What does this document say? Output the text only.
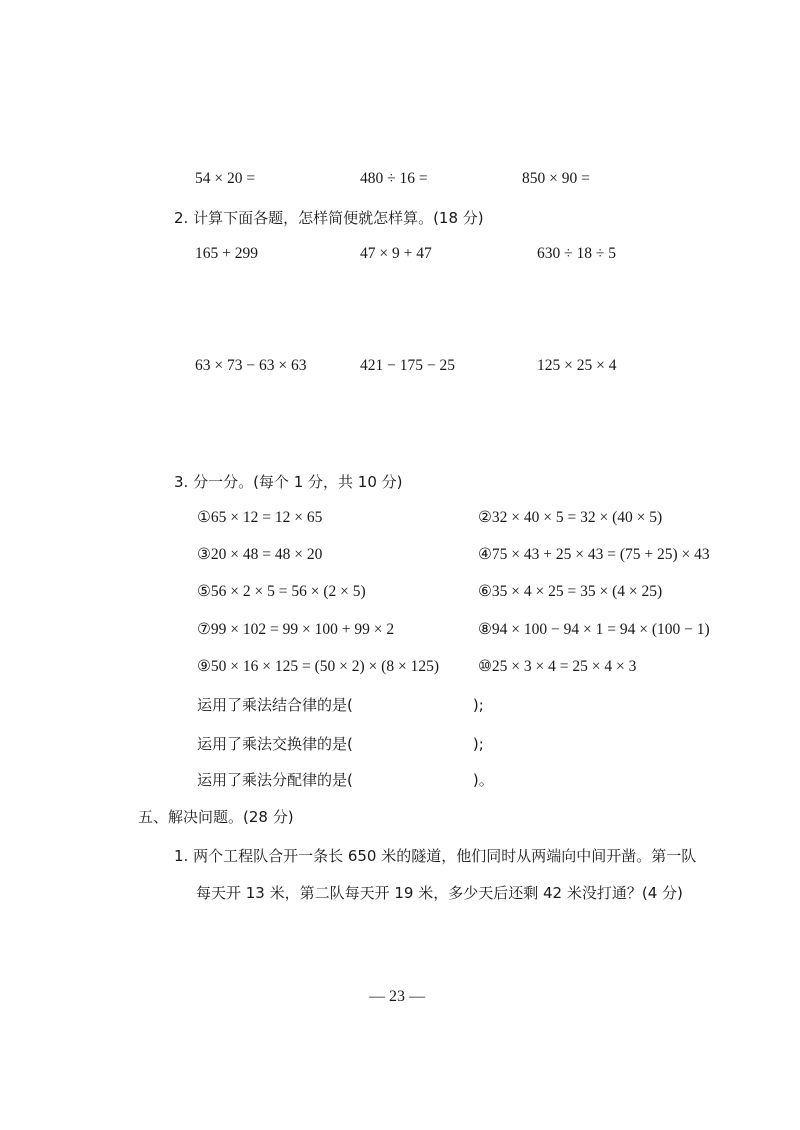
54 × 20 =	480 ÷ 16 =	850 × 90 =
2. 计算下面各题，怎样简便就怎样算。(18 分)
165 + 299	47 × 9 + 47	630 ÷ 18 ÷ 5
63 × 73 − 63 × 63	421 − 175 − 25	125 × 25 × 4
3. 分一分。(每个 1 分，共 10 分)
①65 × 12 = 12 × 65	②32 × 40 × 5 = 32 × (40 × 5)
③20 × 48 = 48 × 20	④75 × 43 + 25 × 43 = (75 + 25) × 43
⑤56 × 2 × 5 = 56 × (2 × 5)	⑥35 × 4 × 25 = 35 × (4 × 25)
⑦99 × 102 = 99 × 100 + 99 × 2	⑧94 × 100 − 94 × 1 = 94 × (100 − 1)
⑨50 × 16 × 125 = (50 × 2) × (8 × 125)	⑩25 × 3 × 4 = 25 × 4 × 3
运用了乘法结合律的是(　　　　　　　　);
运用了乘法交换律的是(　　　　　　　　);
运用了乘法分配律的是(　　　　　　　　)。
五、解决问题。(28 分)
1. 两个工程队合开一条长 650 米的隧道，他们同时从两端向中间开凿。第一队
每天开 13 米，第二队每天开 19 米，多少天后还剩 42 米没打通？(4 分)
— 23 —
